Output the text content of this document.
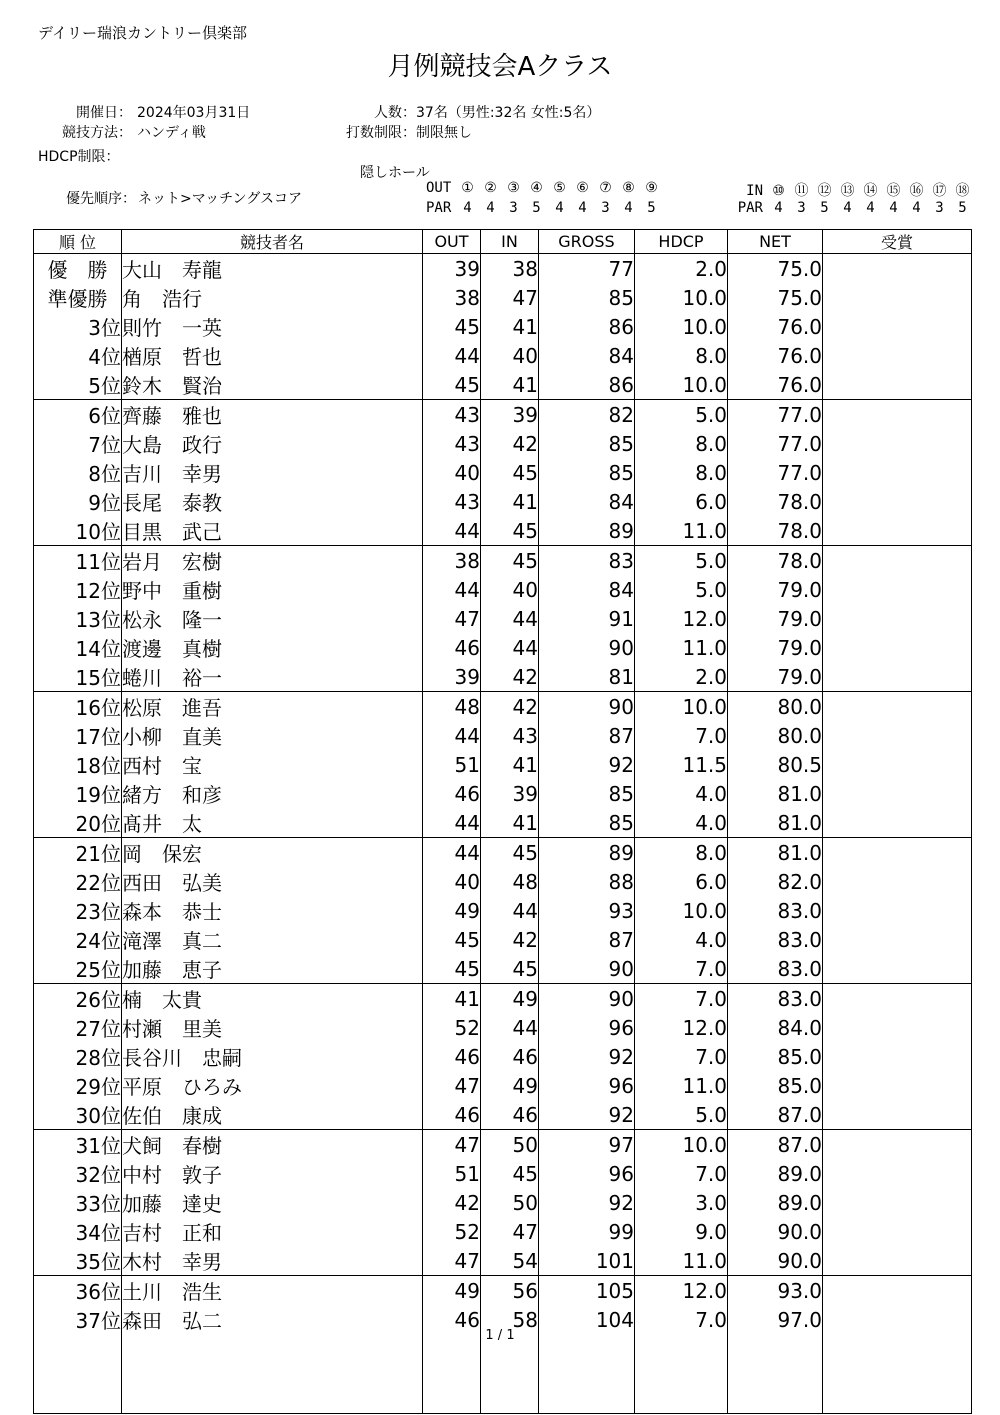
デイリー瑞浪カントリー倶楽部
月例競技会Aクラス
開催日： 2024年03月31日	人数： 37名（男性:32名 女性:5名）
競技方法： ハンディ戦	打数制限： 制限無し
HDCP制限：
隠しホール
優先順序： ネット>マッチングスコア
OUT ① ② ③ ④ ⑤ ⑥ ⑦ ⑧ ⑨
PAR 4 4 3 5 4 4 3 4 5
IN ⑩ ⑪ ⑫ ⑬ ⑭ ⑮ ⑯ ⑰ ⑱
PAR 4 3 5 4 4 4 4 3 5
順 位	競技者名	OUT	IN	GROSS	HDCP	NET	受賞
優　勝	大山　寿龍	39	38	77	2.0	75.0	
準優勝	角　浩行	38	47	85	10.0	75.0	
3位	則竹　一英	45	41	86	10.0	76.0	
4位	楢原　哲也	44	40	84	8.0	76.0	
5位	鈴木　賢治	45	41	86	10.0	76.0	
6位	齊藤　雅也	43	39	82	5.0	77.0	
7位	大島　政行	43	42	85	8.0	77.0	
8位	吉川　幸男	40	45	85	8.0	77.0	
9位	長尾　泰教	43	41	84	6.0	78.0	
10位	目黒　武己	44	45	89	11.0	78.0	
11位	岩月　宏樹	38	45	83	5.0	78.0	
12位	野中　重樹	44	40	84	5.0	79.0	
13位	松永　隆一	47	44	91	12.0	79.0	
14位	渡邊　真樹	46	44	90	11.0	79.0	
15位	蜷川　裕一	39	42	81	2.0	79.0	
16位	松原　進吾	48	42	90	10.0	80.0	
17位	小柳　直美	44	43	87	7.0	80.0	
18位	西村　宝	51	41	92	11.5	80.5	
19位	緒方　和彦	46	39	85	4.0	81.0	
20位	髙井　太	44	41	85	4.0	81.0	
21位	岡　保宏	44	45	89	8.0	81.0	
22位	西田　弘美	40	48	88	6.0	82.0	
23位	森本　恭士	49	44	93	10.0	83.0	
24位	滝澤　真二	45	42	87	4.0	83.0	
25位	加藤　恵子	45	45	90	7.0	83.0	
26位	楠　太貴	41	49	90	7.0	83.0	
27位	村瀬　里美	52	44	96	12.0	84.0	
28位	長谷川　忠嗣	46	46	92	7.0	85.0	
29位	平原　ひろみ	47	49	96	11.0	85.0	
30位	佐伯　康成	46	46	92	5.0	87.0	
31位	犬飼　春樹	47	50	97	10.0	87.0	
32位	中村　敦子	51	45	96	7.0	89.0	
33位	加藤　達史	42	50	92	3.0	89.0	
34位	吉村　正和	52	47	99	9.0	90.0	
35位	木村　幸男	47	54	101	11.0	90.0	
36位	土川　浩生	49	56	105	12.0	93.0	
37位	森田　弘二	46	58	104	7.0	97.0	

1 / 1
